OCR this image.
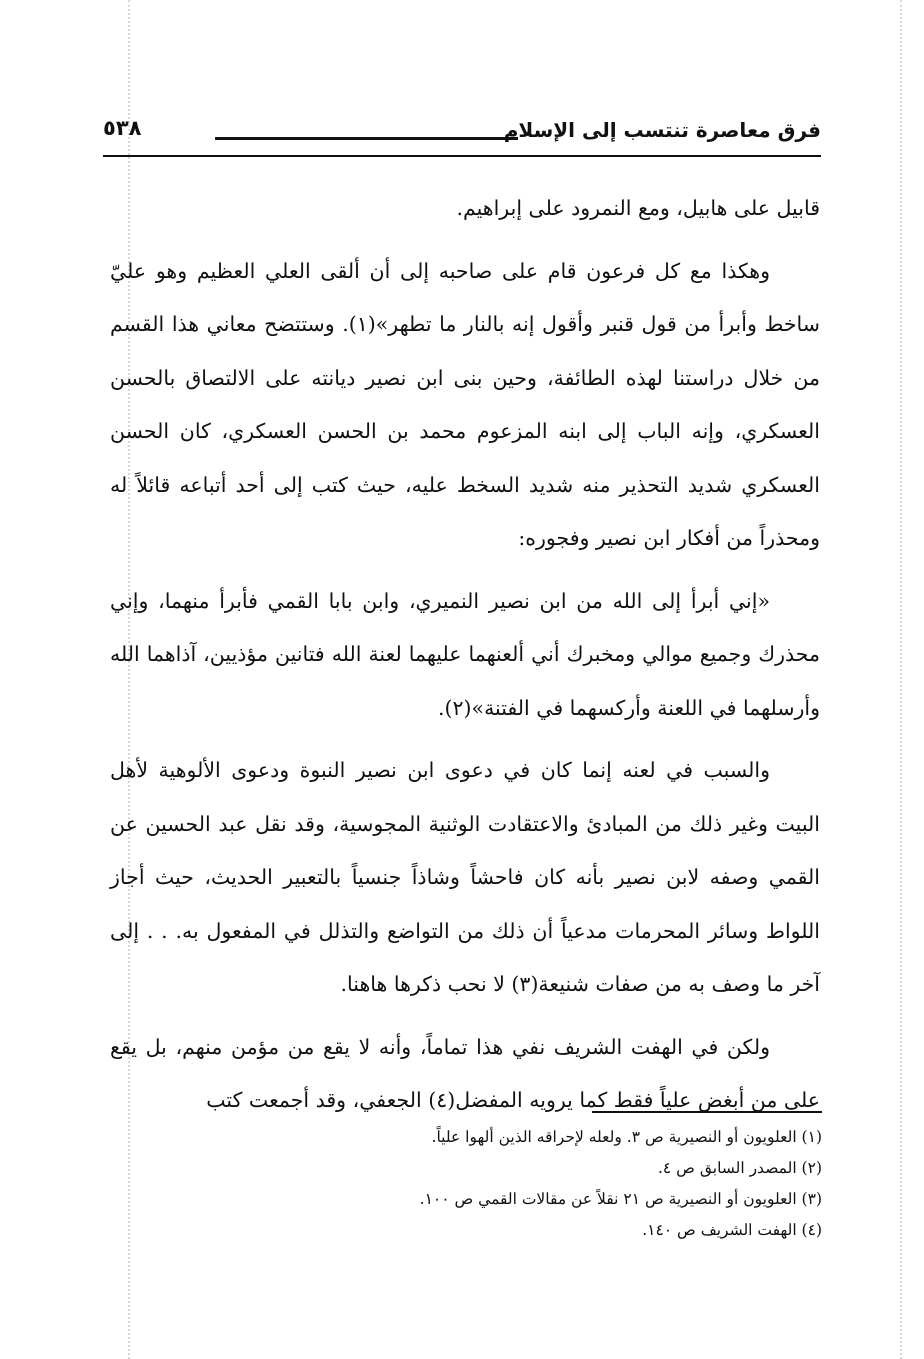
فرق معاصرة تنتسب إلى الإسلام
٥٣٨

قابيل على هابيل، ومع النمرود على إبراهيم.

وهكذا مع كل فرعون قام على صاحبه إلى أن ألقى العلي العظيم وهو عليّ ساخط وأبرأ من قول قنبر وأقول إنه بالنار ما تطهر»(١). وستتضح معاني هذا القسم من خلال دراستنا لهذه الطائفة، وحين بنى ابن نصير ديانته على الالتصاق بالحسن العسكري، وإنه الباب إلى ابنه المزعوم محمد بن الحسن العسكري، كان الحسن العسكري شديد التحذير منه شديد السخط عليه، حيث كتب إلى أحد أتباعه قائلاً له ومحذراً من أفكار ابن نصير وفجوره:

«إني أبرأ إلى الله من ابن نصير النميري، وابن بابا القمي فأبرأ منهما، وإني محذرك وجميع موالي ومخبرك أني ألعنهما عليهما لعنة الله فتانين مؤذيين، آذاهما الله وأرسلهما في اللعنة وأركسهما في الفتنة»(٢).

والسبب في لعنه إنما كان في دعوى ابن نصير النبوة ودعوى الألوهية لأهل البيت وغير ذلك من المبادئ والاعتقادت الوثنية المجوسية، وقد نقل عبد الحسين عن القمي وصفه لابن نصير بأنه كان فاحشاً وشاذاً جنسياً بالتعبير الحديث، حيث أجاز اللواط وسائر المحرمات مدعياً أن ذلك من التواضع والتذلل في المفعول به. . . إلى آخر ما وصف به من صفات شنيعة(٣) لا نحب ذكرها هاهنا.

ولكن في الهفت الشريف نفي هذا تماماً، وأنه لا يقع من مؤمن منهم، بل يقع على من أبغض علياً فقط كما يرويه المفضل(٤) الجعفي، وقد أجمعت كتب

(١) العلويون أو النصيرية ص ٣. ولعله لإحراقه الذين ألهوا علياً.
(٢) المصدر السابق ص ٤.
(٣) العلويون أو النصيرية ص ٢١ نقلاً عن مقالات القمي ص ١٠٠.
(٤) الهفت الشريف ص ١٤٠.
